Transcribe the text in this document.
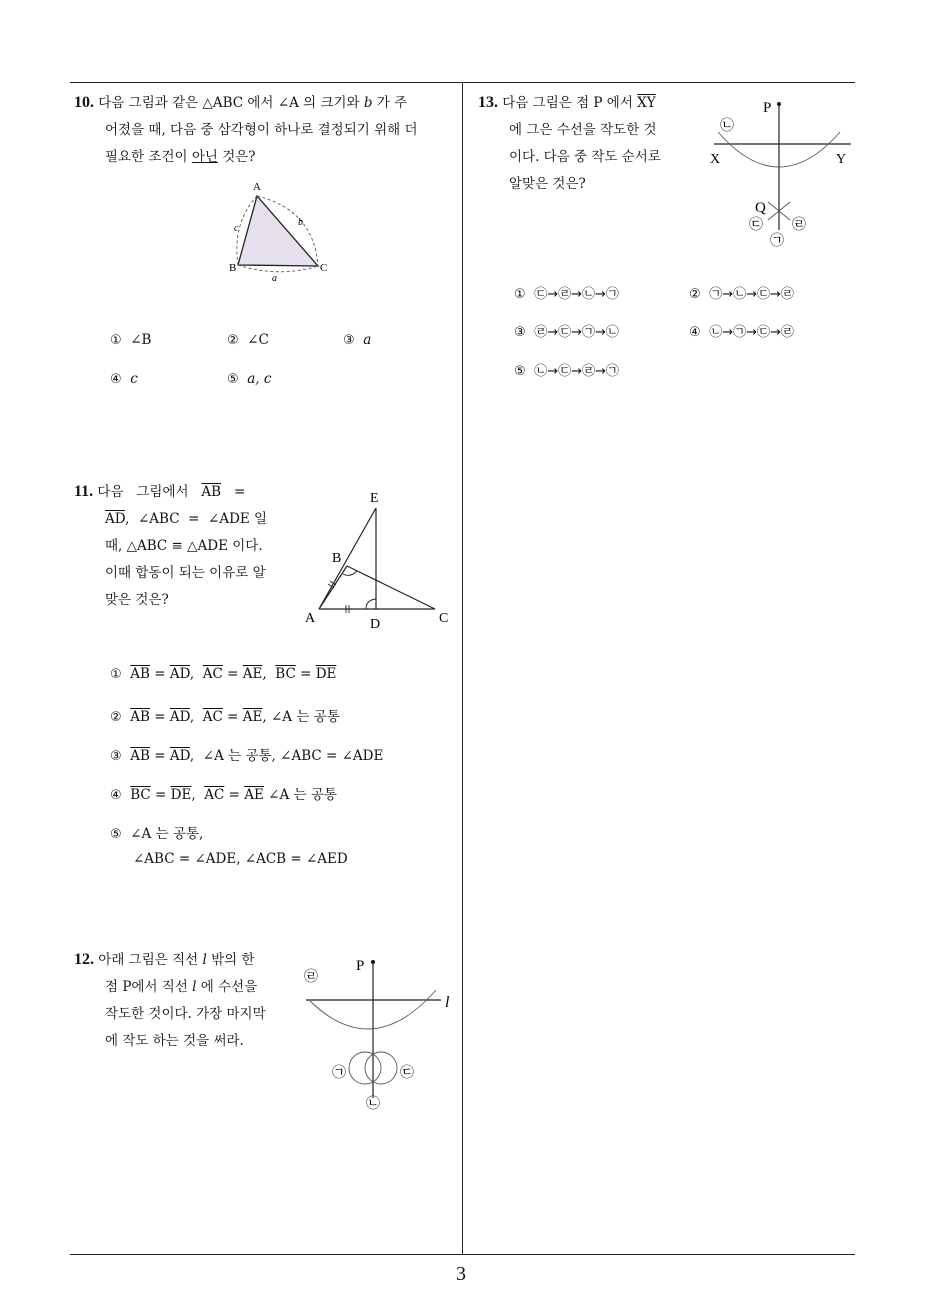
3
10. 다음 그림과 같은 △ABC 에서 ∠A 의 크기와 b 가 주
어졌을 때, 다음 중 삼각형이 하나로 결정되기 위해 더
필요한 조건이 아닌 것은?
A
B	C
c
b
a
① ∠B	② ∠C	③ a
④ c	⑤ a, c
11. 다음   그림에서   $\overline{AB}$   =
$\overline{AD}$,  ∠ABC  =  ∠ADE 일
때, △ABC ≡ △ADE 이다.
이때 합동이 되는 이유로 알
맞은 것은?
E
B
A	D	C
① $\overline{AB} = \overline{AD}$,  $\overline{AC} = \overline{AE}$,  $\overline{BC} = \overline{DE}$
② $\overline{AB} = \overline{AD}$,  $\overline{AC} = \overline{AE}$, ∠A 는 공통
③ $\overline{AB} = \overline{AD}$,  ∠A 는 공통, ∠ABC = ∠ADE
④ $\overline{BC} = \overline{DE}$,  $\overline{AC} = \overline{AE}$ ∠A 는 공통
⑤ ∠A 는 공통,
∠ABC = ∠ADE, ∠ACB = ∠AED
12. 아래 그림은 직선 l 밖의 한
점 P에서 직선 l 에 수선을
작도한 것이다. 가장 마지막
에 작도 하는 것을 써라.
P
l
㉣
㉠	㉢
㉡
13. 다음 그림은 점 P 에서 $\overline{XY}$
에 그은 수선을 작도한 것
이다. 다음 중 작도 순서로
알맞은 것은?
P
㉡
X	Y
Q
㉢ ㉣
㉠
① ㉢→㉣→㉡→㉠	② ㉠→㉡→㉢→㉣
③ ㉣→㉢→㉠→㉡	④ ㉡→㉠→㉢→㉣
⑤ ㉡→㉢→㉣→㉠
